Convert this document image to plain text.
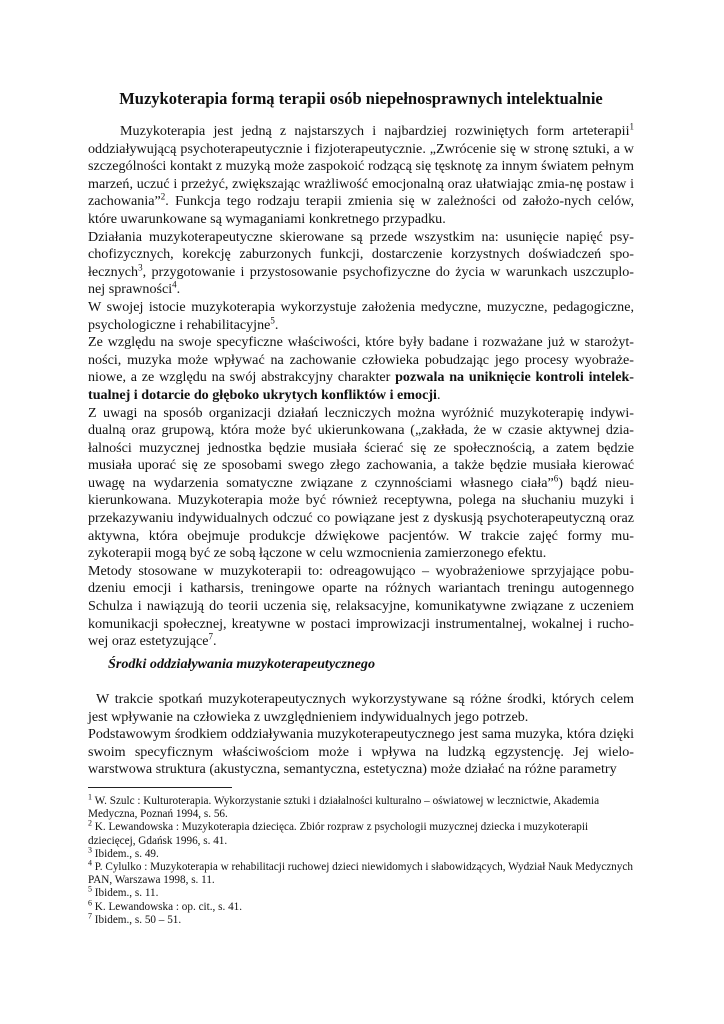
Muzykoterapia formą terapii osób niepełnosprawnych intelektualnie

Muzykoterapia jest jedną z najstarszych i najbardziej rozwiniętych form arteterapii$^1$ oddziaływującą psychoterapeutycznie i fizjoterapeutycznie. „Zwrócenie się w stronę sztuki, a w szczególności kontakt z muzyką może zaspokoić rodzącą się tęsknotę za innym światem pełnym marzeń, uczuć i przeżyć, zwiększając wrażliwość emocjonalną oraz ułatwiając zmia-nę postaw i zachowania”$^2$. Funkcja tego rodzaju terapii zmienia się w zależności od założo-nych celów, które uwarunkowane są wymaganiami konkretnego przypadku.

Działania muzykoterapeutyczne skierowane są przede wszystkim na: usunięcie napięć psy-chofizycznych, korekcję zaburzonych funkcji, dostarczenie korzystnych doświadczeń spo-łecznych$^3$, przygotowanie i przystosowanie psychofizyczne do życia w warunkach uszczuplo-nej sprawności$^4$.

W swojej istocie muzykoterapia wykorzystuje założenia medyczne, muzyczne, pedagogiczne, psychologiczne i rehabilitacyjne$^5$.

Ze względu na swoje specyficzne właściwości, które były badane i rozważane już w starożyt-ności, muzyka może wpływać na zachowanie człowieka pobudzając jego procesy wyobraże-niowe, a ze względu na swój abstrakcyjny charakter pozwala na uniknięcie kontroli intelek-tualnej i dotarcie do głęboko ukrytych konfliktów i emocji.

Z uwagi na sposób organizacji działań leczniczych można wyróżnić muzykoterapię indywi-dualną oraz grupową, która może być ukierunkowana („zakłada, że w czasie aktywnej dzia-łalności muzycznej jednostka będzie musiała ścierać się ze społecznością, a zatem będzie musiała uporać się ze sposobami swego złego zachowania, a także będzie musiała kierować uwagę na wydarzenia somatyczne związane z czynnościami własnego ciała”$^6$) bądź nieu-kierunkowana. Muzykoterapia może być również receptywna, polega na słuchaniu muzyki i przekazywaniu indywidualnych odczuć co powiązane jest z dyskusją psychoterapeutyczną oraz aktywna, która obejmuje produkcje dźwiękowe pacjentów. W trakcie zajęć formy mu-zykoterapii mogą być ze sobą łączone w celu wzmocnienia zamierzonego efektu.

Metody stosowane w muzykoterapii to: odreagowująco – wyobrażeniowe sprzyjające pobu-dzeniu emocji i katharsis, treningowe oparte na różnych wariantach treningu autogennego Schulza i nawiązują do teorii uczenia się, relaksacyjne, komunikatywne związane z uczeniem komunikacji społecznej, kreatywne w postaci improwizacji instrumentalnej, wokalnej i rucho-wej oraz estetyzujące$^7$.

Środki oddziaływania muzykoterapeutycznego

W trakcie spotkań muzykoterapeutycznych wykorzystywane są różne środki, których celem jest wpływanie na człowieka z uwzględnieniem indywidualnych jego potrzeb.

Podstawowym środkiem oddziaływania muzykoterapeutycznego jest sama muzyka, która dzięki swoim specyficznym właściwościom może i wpływa na ludzką egzystencję. Jej wielo-warstwowa struktura (akustyczna, semantyczna, estetyczna) może działać na różne parametry

$^1$ W. Szulc : Kulturoterapia. Wykorzystanie sztuki i działalności kulturalno – oświatowej w lecznictwie, Akademia Medyczna, Poznań 1994, s. 56.

$^2$ K. Lewandowska : Muzykoterapia dziecięca. Zbiór rozpraw z psychologii muzycznej dziecka i muzykoterapii dziecięcej, Gdańsk 1996, s. 41.

$^3$ Ibidem., s. 49.

$^4$ P. Cylulko : Muzykoterapia w rehabilitacji ruchowej dzieci niewidomych i słabowidzących, Wydział Nauk Medycznych PAN, Warszawa 1998, s. 11.

$^5$ Ibidem., s. 11.

$^6$ K. Lewandowska : op. cit., s. 41.

$^7$ Ibidem., s. 50 – 51.
